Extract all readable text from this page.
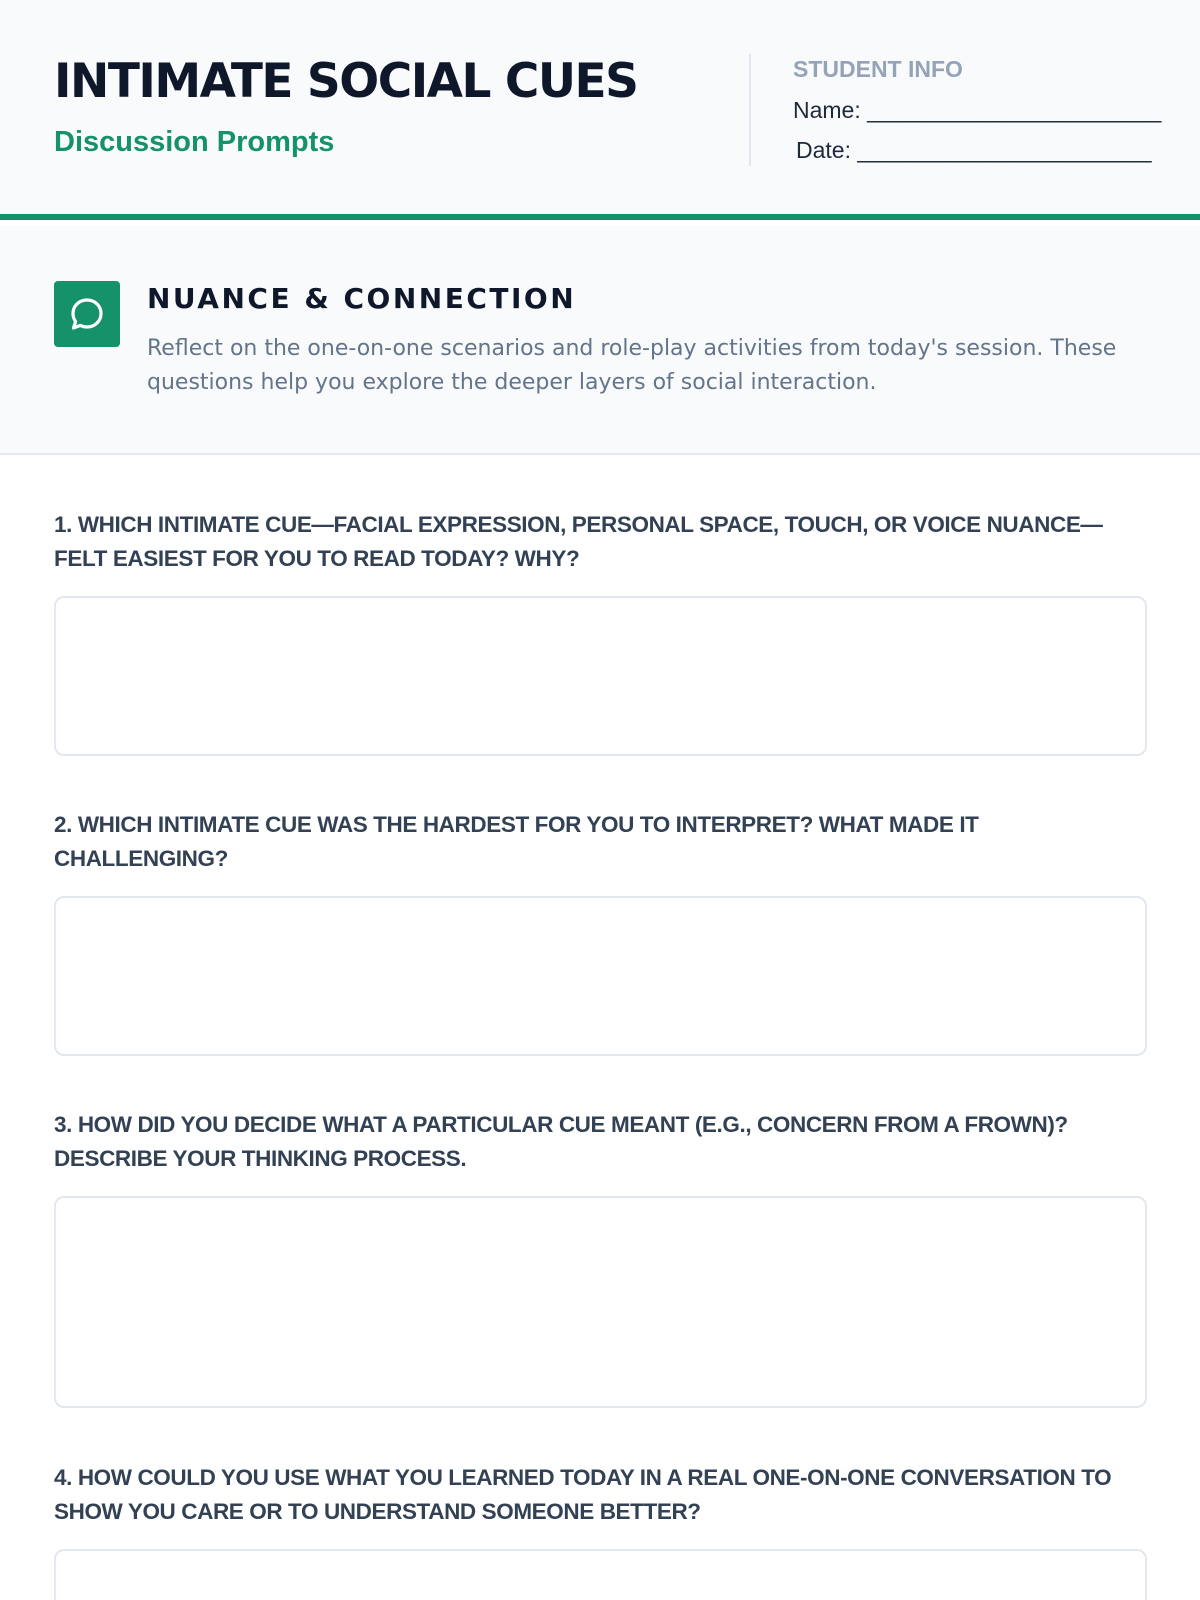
INTIMATE SOCIAL CUES
Discussion Prompts
STUDENT INFO
Name: _______________________
Date: _______________________
NUANCE & CONNECTION

Reflect on the one-on-one scenarios and role-play activities from today's session. These questions help you explore the deeper layers of social interaction.

1. WHICH INTIMATE CUE—FACIAL EXPRESSION, PERSONAL SPACE, TOUCH, OR VOICE NUANCE—FELT EASIEST FOR YOU TO READ TODAY? WHY?
2. WHICH INTIMATE CUE WAS THE HARDEST FOR YOU TO INTERPRET? WHAT MADE IT CHALLENGING?
3. HOW DID YOU DECIDE WHAT A PARTICULAR CUE MEANT (E.G., CONCERN FROM A FROWN)? DESCRIBE YOUR THINKING PROCESS.
4. HOW COULD YOU USE WHAT YOU LEARNED TODAY IN A REAL ONE-ON-ONE CONVERSATION TO SHOW YOU CARE OR TO UNDERSTAND SOMEONE BETTER?
